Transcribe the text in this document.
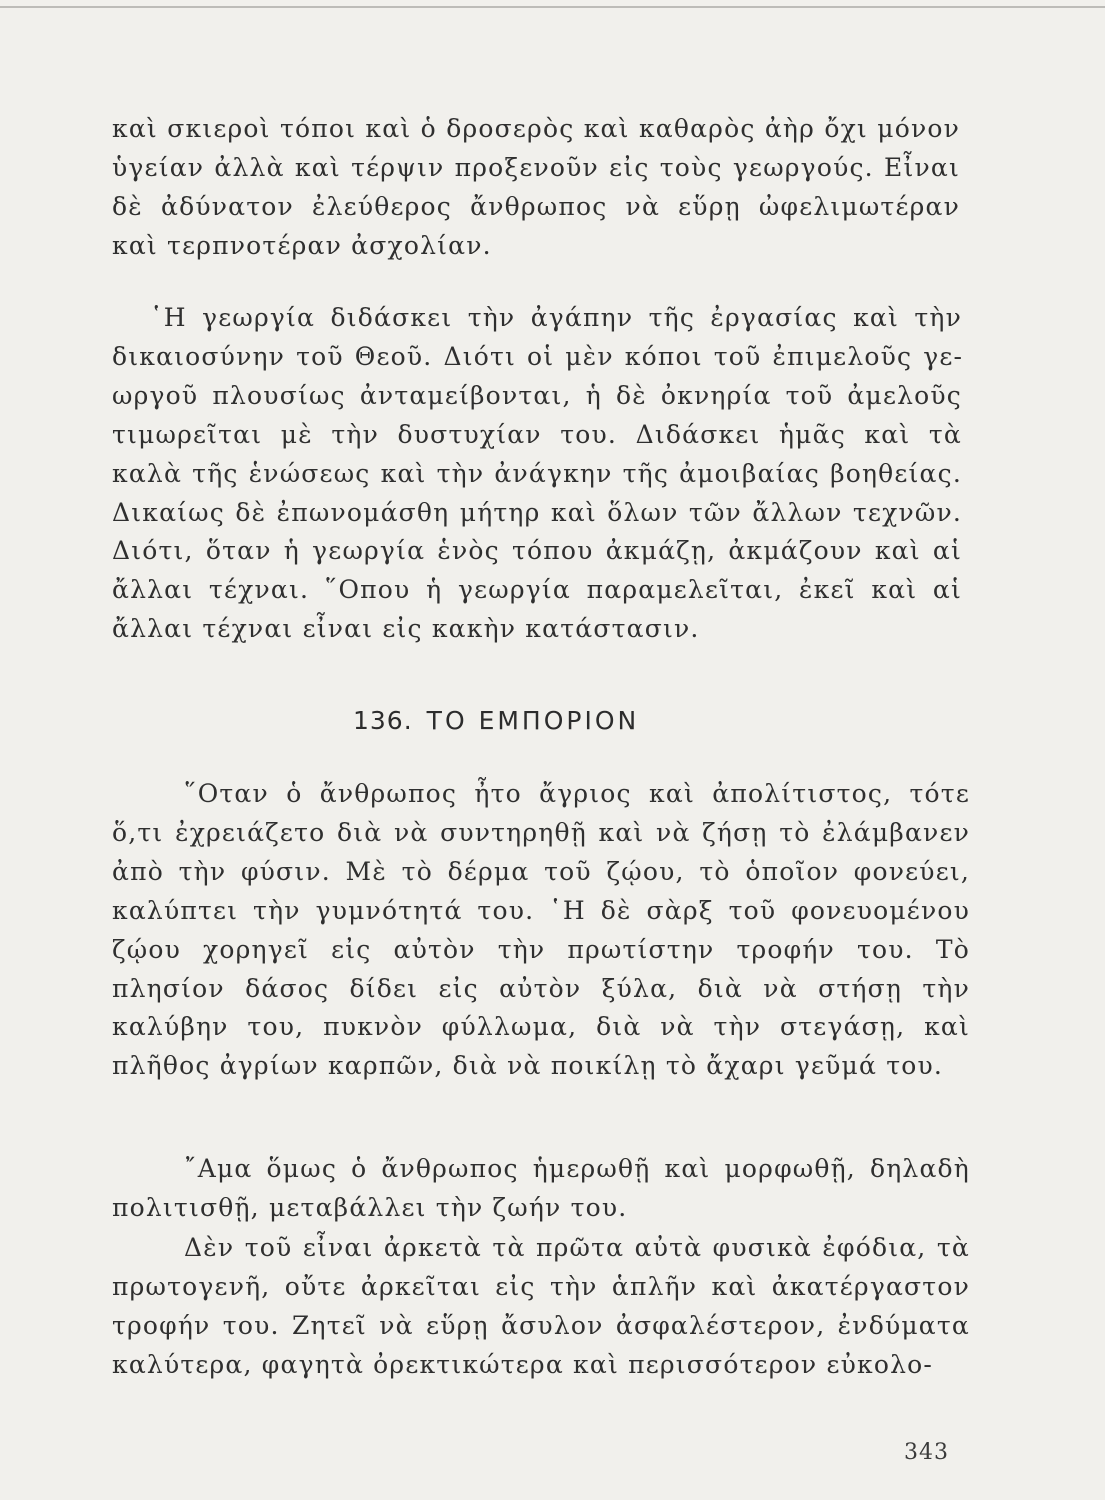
καὶ σκιεροὶ τόποι καὶ ὁ δροσερὸς καὶ καθαρὸς ἀὴρ ὄχι μόνον ὑγείαν ἀλλὰ καὶ τέρψιν προξενοῦν εἰς τοὺς γεωργούς. Εἶναι δὲ ἀδύνατον ἐλεύθερος ἄνθρωπος νὰ εὕρῃ ὠφελιμωτέραν καὶ τερπνοτέραν ἀσχολίαν.

῾Η γεωργία διδάσκει τὴν ἀγάπην τῆς ἐργασίας καὶ τὴν δικαιοσύνην τοῦ Θεοῦ. Διότι οἱ μὲν κόποι τοῦ ἐπιμελοῦς γεωργοῦ πλουσίως ἀνταμείβονται, ἡ δὲ ὀκνηρία τοῦ ἀμελοῦς τιμωρεῖται μὲ τὴν δυστυχίαν του. Διδάσκει ἡμᾶς καὶ τὰ καλὰ τῆς ἑνώσεως καὶ τὴν ἀνάγκην τῆς ἀμοιβαίας βοηθείας. Δικαίως δὲ ἐπωνομάσθη μήτηρ καὶ ὅλων τῶν ἄλλων τεχνῶν. Διότι, ὅταν ἡ γεωργία ἑνὸς τόπου ἀκμάζῃ, ἀκμάζουν καὶ αἱ ἄλλαι τέχναι. ῞Οπου ἡ γεωργία παραμελεῖται, ἐκεῖ καὶ αἱ ἄλλαι τέχναι εἶναι εἰς κακὴν κατάστασιν.

136. ΤΟ ΕΜΠΟΡΙΟΝ

῞Οταν ὁ ἄνθρωπος ἦτο ἄγριος καὶ ἀπολίτιστος, τότε ὅ,τι ἐχρειάζετο διὰ νὰ συντηρηθῇ καὶ νὰ ζήσῃ τὸ ἐλάμβανεν ἀπὸ τὴν φύσιν. Μὲ τὸ δέρμα τοῦ ζῴου, τὸ ὁποῖον φονεύει, καλύπτει τὴν γυμνότητά του. ῾Η δὲ σὰρξ τοῦ φονευομένου ζῴου χορηγεῖ εἰς αὐτὸν τὴν πρωτίστην τροφήν του. Τὸ πλησίον δάσος δίδει εἰς αὐτὸν ξύλα, διὰ νὰ στήσῃ τὴν καλύβην του, πυκνὸν φύλλωμα, διὰ νὰ τὴν στεγάσῃ, καὶ πλῆθος ἀγρίων καρπῶν, διὰ νὰ ποικίλῃ τὸ ἄχαρι γεῦμά του.

῎Αμα ὅμως ὁ ἄνθρωπος ἡμερωθῇ καὶ μορφωθῇ, δηλαδὴ πολιτισθῇ, μεταβάλλει τὴν ζωήν του.

Δὲν τοῦ εἶναι ἀρκετὰ τὰ πρῶτα αὐτὰ φυσικὰ ἐφόδια, τὰ πρωτογενῆ, οὔτε ἀρκεῖται εἰς τὴν ἁπλῆν καὶ ἀκατέργαστον τροφήν του. Ζητεῖ νὰ εὕρῃ ἄσυλον ἀσφαλέστερον, ἐνδύματα καλύτερα, φαγητὰ ὀρεκτικώτερα καὶ περισσότερον εὐκολο-

343
